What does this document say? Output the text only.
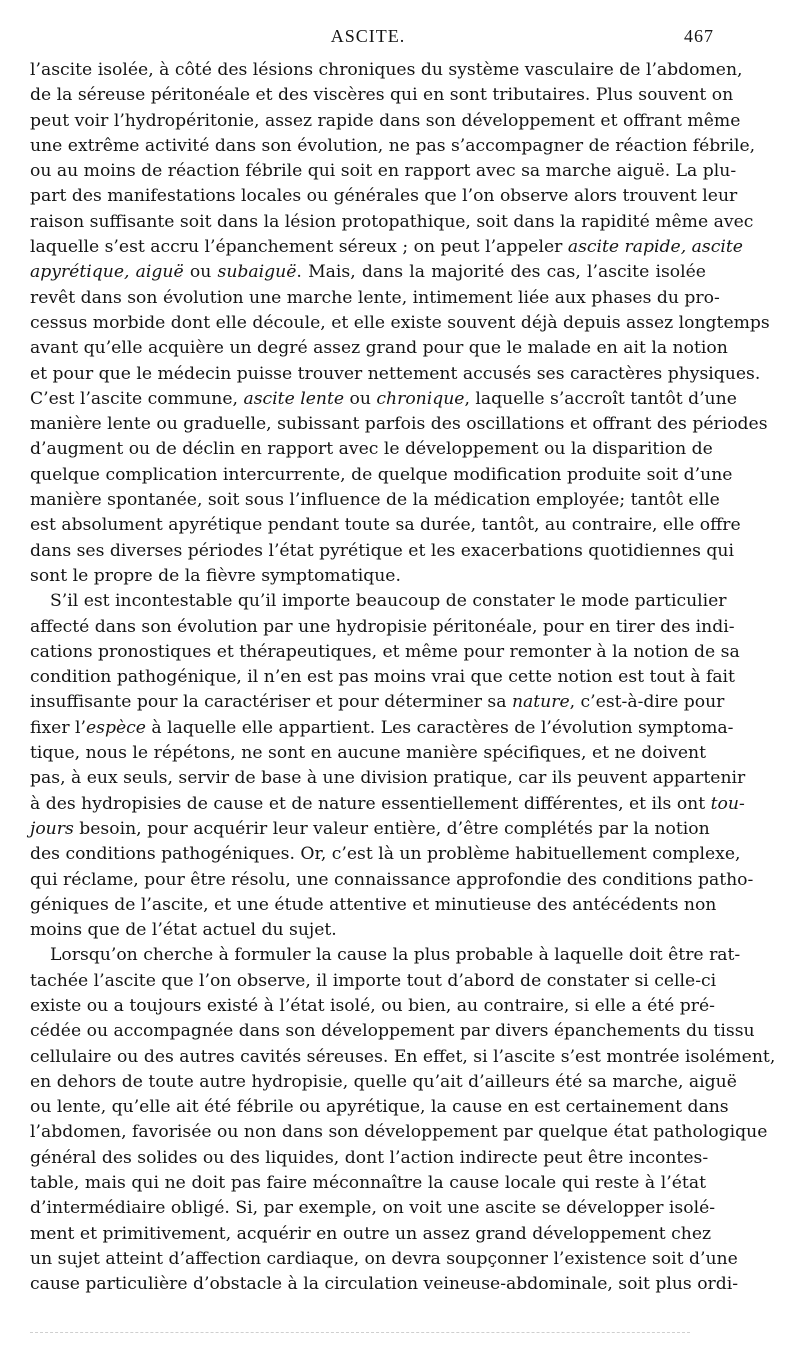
ASCITE.	467
l’ascite isolée, à côté des lésions chroniques du système vasculaire de l’abdomen,
de la séreuse péritonéale et des viscères qui en sont tributaires. Plus souvent on
peut voir l’hydropéritonie, assez rapide dans son développement et offrant même
une extrême activité dans son évolution, ne pas s’accompagner de réaction fébrile,
ou au moins de réaction fébrile qui soit en rapport avec sa marche aiguë. La plu-
part des manifestations locales ou générales que l’on observe alors trouvent leur
raison suffisante soit dans la lésion protopathique, soit dans la rapidité même avec
laquelle s’est accru l’épanchement séreux ; on peut l’appeler ascite rapide, ascite
apyrétique, aiguë ou subaiguë. Mais, dans la majorité des cas, l’ascite isolée
revêt dans son évolution une marche lente, intimement liée aux phases du pro-
cessus morbide dont elle découle, et elle existe souvent déjà depuis assez longtemps
avant qu’elle acquière un degré assez grand pour que le malade en ait la notion
et pour que le médecin puisse trouver nettement accusés ses caractères physiques.
C’est l’ascite commune, ascite lente ou chronique, laquelle s’accroît tantôt d’une
manière lente ou graduelle, subissant parfois des oscillations et offrant des périodes
d’augment ou de déclin en rapport avec le développement ou la disparition de
quelque complication intercurrente, de quelque modification produite soit d’une
manière spontanée, soit sous l’influence de la médication employée; tantôt elle
est absolument apyrétique pendant toute sa durée, tantôt, au contraire, elle offre
dans ses diverses périodes l’état pyrétique et les exacerbations quotidiennes qui
sont le propre de la fièvre symptomatique.
S’il est incontestable qu’il importe beaucoup de constater le mode particulier
affecté dans son évolution par une hydropisie péritonéale, pour en tirer des indi-
cations pronostiques et thérapeutiques, et même pour remonter à la notion de sa
condition pathogénique, il n’en est pas moins vrai que cette notion est tout à fait
insuffisante pour la caractériser et pour déterminer sa nature, c’est-à-dire pour
fixer l’espèce à laquelle elle appartient. Les caractères de l’évolution symptoma-
tique, nous le répétons, ne sont en aucune manière spécifiques, et ne doivent
pas, à eux seuls, servir de base à une division pratique, car ils peuvent appartenir
à des hydropisies de cause et de nature essentiellement différentes, et ils ont tou-
jours besoin, pour acquérir leur valeur entière, d’être complétés par la notion
des conditions pathogéniques. Or, c’est là un problème habituellement complexe,
qui réclame, pour être résolu, une connaissance approfondie des conditions patho-
géniques de l’ascite, et une étude attentive et minutieuse des antécédents non
moins que de l’état actuel du sujet.
Lorsqu’on cherche à formuler la cause la plus probable à laquelle doit être rat-
tachée l’ascite que l’on observe, il importe tout d’abord de constater si celle-ci
existe ou a toujours existé à l’état isolé, ou bien, au contraire, si elle a été pré-
cédée ou accompagnée dans son développement par divers épanchements du tissu
cellulaire ou des autres cavités séreuses. En effet, si l’ascite s’est montrée isolément,
en dehors de toute autre hydropisie, quelle qu’ait d’ailleurs été sa marche, aiguë
ou lente, qu’elle ait été fébrile ou apyrétique, la cause en est certainement dans
l’abdomen, favorisée ou non dans son développement par quelque état pathologique
général des solides ou des liquides, dont l’action indirecte peut être incontes-
table, mais qui ne doit pas faire méconnaître la cause locale qui reste à l’état
d’intermédiaire obligé. Si, par exemple, on voit une ascite se développer isolé-
ment et primitivement, acquérir en outre un assez grand développement chez
un sujet atteint d’affection cardiaque, on devra soupçonner l’existence soit d’une
cause particulière d’obstacle à la circulation veineuse-abdominale, soit plus ordi-
